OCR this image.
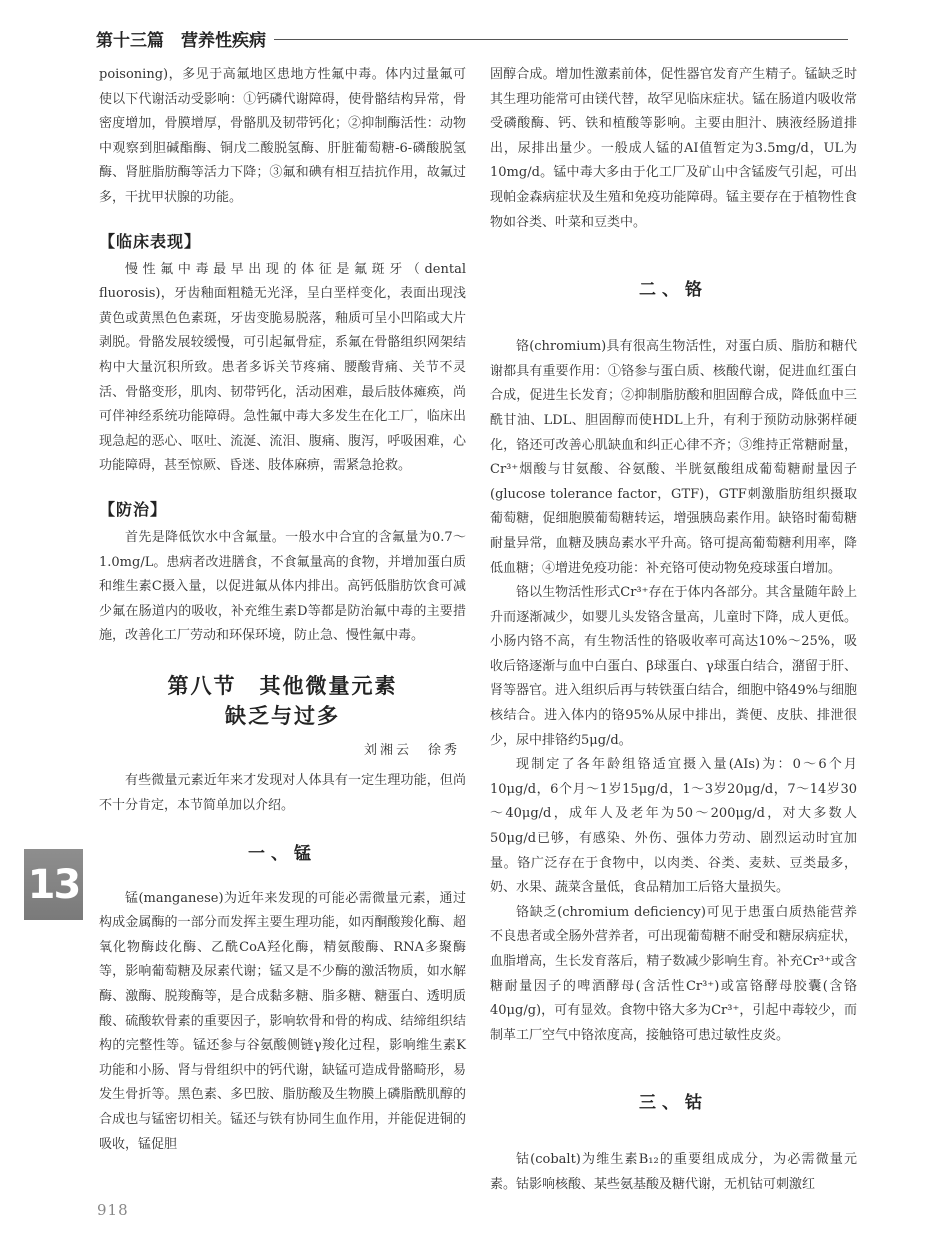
第十三篇　营养性疾病

poisoning)，多见于高氟地区患地方性氟中毒。体内过量氟可使以下代谢活动受影响：①钙磷代谢障碍，使骨骼结构异常，骨密度增加，骨膜增厚，骨骼肌及韧带钙化；②抑制酶活性：动物中观察到胆碱酯酶、铜戊二酸脱氢酶、肝脏葡萄糖-6-磷酸脱氢酶、肾脏脂肪酶等活力下降；③氟和碘有相互拮抗作用，故氟过多，干扰甲状腺的功能。

【临床表现】

慢性氟中毒最早出现的体征是氟斑牙（dental fluorosis)，牙齿釉面粗糙无光泽，呈白垩样变化，表面出现浅黄色或黄黑色色素斑，牙齿变脆易脱落，釉质可呈小凹陷或大片剥脱。骨骼发展较缓慢，可引起氟骨症，系氟在骨骼组织网架结构中大量沉积所致。患者多诉关节疼痛、腰酸背痛、关节不灵活、骨骼变形，肌肉、韧带钙化，活动困难，最后肢体瘫痪，尚可伴神经系统功能障碍。急性氟中毒大多发生在化工厂，临床出现急起的恶心、呕吐、流涎、流泪、腹痛、腹泻，呼吸困难，心功能障碍，甚至惊厥、昏迷、肢体麻痹，需紧急抢救。

【防治】

首先是降低饮水中含氟量。一般水中合宜的含氟量为0.7～1.0mg/L。患病者改进膳食，不食氟量高的食物，并增加蛋白质和维生素C摄入量，以促进氟从体内排出。高钙低脂肪饮食可减少氟在肠道内的吸收，补充维生素D等都是防治氟中毒的主要措施，改善化工厂劳动和环保环境，防止急、慢性氟中毒。

第八节　其他微量元素
缺乏与过多
刘湘云　徐秀

有些微量元素近年来才发现对人体具有一定生理功能，但尚不十分肯定，本节简单加以介绍。

一、锰

锰(manganese)为近年来发现的可能必需微量元素，通过构成金属酶的一部分而发挥主要生理功能，如丙酮酸羧化酶、超氧化物酶歧化酶、乙酰CoA羟化酶，精氨酸酶、RNA多聚酶等，影响葡萄糖及尿素代谢；锰又是不少酶的激活物质，如水解酶、激酶、脱羧酶等，是合成黏多糖、脂多糖、糖蛋白、透明质酸、硫酸软骨素的重要因子，影响软骨和骨的构成、结缔组织结构的完整性等。锰还参与谷氨酸侧链γ羧化过程，影响维生素K功能和小肠、肾与骨组织中的钙代谢，缺锰可造成骨骼畸形，易发生骨折等。黑色素、多巴胺、脂肪酸及生物膜上磷脂酰肌醇的合成也与锰密切相关。锰还与铁有协同生血作用，并能促进铜的吸收，锰促胆

固醇合成。增加性激素前体，促性器官发育产生精子。锰缺乏时其生理功能常可由镁代替，故罕见临床症状。锰在肠道内吸收常受磷酸酶、钙、铁和植酸等影响。主要由胆汁、胰液经肠道排出，尿排出量少。一般成人锰的AI值暂定为3.5mg/d，UL为10mg/d。锰中毒大多由于化工厂及矿山中含锰废气引起，可出现帕金森病症状及生殖和免疫功能障碍。锰主要存在于植物性食物如谷类、叶菜和豆类中。

二、铬

铬(chromium)具有很高生物活性，对蛋白质、脂肪和糖代谢都具有重要作用：①铬参与蛋白质、核酸代谢，促进血红蛋白合成，促进生长发育；②抑制脂肪酸和胆固醇合成，降低血中三酰甘油、LDL、胆固醇而使HDL上升，有利于预防动脉粥样硬化，铬还可改善心肌缺血和纠正心律不齐；③维持正常糖耐量，Cr³⁺烟酸与甘氨酸、谷氨酸、半胱氨酸组成葡萄糖耐量因子(glucose tolerance factor，GTF)，GTF刺激脂肪组织摄取葡萄糖，促细胞膜葡萄糖转运，增强胰岛素作用。缺铬时葡萄糖耐量异常，血糖及胰岛素水平升高。铬可提高葡萄糖利用率，降低血糖；④增进免疫功能：补充铬可使动物免疫球蛋白增加。

铬以生物活性形式Cr³⁺存在于体内各部分。其含量随年龄上升而逐渐减少，如婴儿头发铬含量高，儿童时下降，成人更低。小肠内铬不高，有生物活性的铬吸收率可高达10%～25%，吸收后铬逐渐与血中白蛋白、β球蛋白、γ球蛋白结合，潴留于肝、肾等器官。进入组织后再与转铁蛋白结合，细胞中铬49%与细胞核结合。进入体内的铬95%从尿中排出，粪便、皮肤、排泄很少，尿中排铬约5μg/d。

现制定了各年龄组铬适宜摄入量(AIs)为：0～6个月10μg/d，6个月～1岁15μg/d，1～3岁20μg/d，7～14岁30～40μg/d，成年人及老年为50～200μg/d，对大多数人50μg/d已够，有感染、外伤、强体力劳动、剧烈运动时宜加量。铬广泛存在于食物中，以肉类、谷类、麦麸、豆类最多，奶、水果、蔬菜含量低，食品精加工后铬大量损失。

铬缺乏(chromium deficiency)可见于患蛋白质热能营养不良患者或全肠外营养者，可出现葡萄糖不耐受和糖尿病症状，血脂增高，生长发育落后，精子数减少影响生育。补充Cr³⁺或含糖耐量因子的啤酒酵母(含活性Cr³⁺)或富铬酵母胶囊(含铬40μg/g)，可有显效。食物中铬大多为Cr³⁺，引起中毒较少，而制革工厂空气中铬浓度高，接触铬可患过敏性皮炎。

三、钴

钴(cobalt)为维生素B₁₂的重要组成成分，为必需微量元素。钴影响核酸、某些氨基酸及糖代谢，无机钴可刺激红

13
918
